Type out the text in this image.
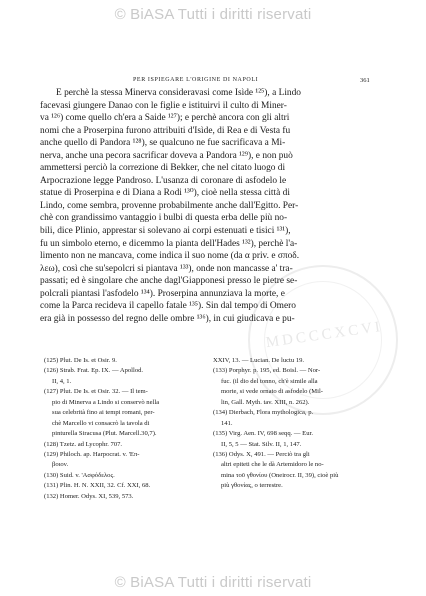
© BiASA Tutti i diritti riservati
MDCCCXCVI
PER ISPIEGARE L'ORIGINE DI NAPOLI	361
E perchè la stessa Minerva consideravasi come Isìde ¹²⁵), a Lindo
facevasi giungere Danao con le figlie e istituirvi il culto di Miner-
va ¹²⁶) come quello ch'era a Saide ¹²⁷); e perchè ancora con gli altri
nomi che a Proserpina furono attribuiti d'Isìde, di Rea e di Vesta fu
anche quello di Pandora ¹²⁸), se qualcuno ne fue sacrificava a Mi-
nerva, anche una pecora sacrificar doveva a Pandora ¹²⁹), e non può
ammettersi perciò la correzione di Bekker, che nel citato luogo di
Arpocrazione legge Pandroso. L'usanza di coronare di asfodelo le
statue di Proserpina e di Diana a Rodi ¹³⁰), cioè nella stessa città di
Lindo, come sembra, provenne probabilmente anche dall'Egitto. Per-
chè con grandissimo vantaggio i bulbi di questa erba delle più no-
bili, dice Plinio, apprestar si solevano ai corpi estenuati e tisici ¹³¹),
fu un simbolo eterno, e dicemmo la pianta dell'Hades ¹³²), perchè l'a-
limento non ne mancava, come indica il suo nome (da α priv. e σποδ.
λεω), così che su'sepolcri si piantava ¹³³), onde non mancasse a' tra-
passati; ed è singolare che anche dagl'Giapponesi presso le pietre se-
polcrali piantasi l'asfodelo ¹³⁴). Proserpina annunziava la morte, e
come la Parca recideva il capello fatale ¹³⁵). Sin dal tempo di Omero
era già in possesso del regno delle ombre ¹³⁶), in cui giudicava e pu-
(125) Plut. De Is. et Osir. 9.
(126) Strab. Frat. Ep. IX. — Apollod.
II, 4, 1.
(127) Plut. De Is. et Osir. 32. — Il tem-
pio di Minerva a Lindo si conservò nella
sua celebrità fino ai tempi romani, per-
chè Marcello vi consacrò la tavola di
pinturella Siracusa (Plut. Marcell.30,7).
(128) Tzetz. ad Lycophr. 707.
(129) Philoch. ap. Harpocrat. v. 'Επ-
βοιον.
(130) Suid. v. 'Ασφόδελος.
(131) Plin. H. N. XXII, 32. Cf. XXI, 68.
(132) Homer. Odys. XI, 539, 573.
XXIV, 13. — Lucian. De luctu 19.
(133) Porphyr. p. 195, ed. Boisl. — Nor-
fuc. (il dio del tonno, ch'è simile alla
morte, si vede ornato di asfodelo (Mil-
lin, Gall. Myth. tav. XIII, n. 262).
(134) Dierbach, Flora mythologica, p.
141.
(135) Virg. Aen. IV, 698 seqq. — Eur.
II, 5, 5 — Stat. Silv. II, 1, 147.
(136) Odys. X, 491. — Perciò tra gli
altri epiteti che le dà Artemidoro le no-
mina τοῦ γθονίου (Oneirocr. II, 39), cioè più
più γθονίας, o terrestre.
© BiASA Tutti i diritti riservati
